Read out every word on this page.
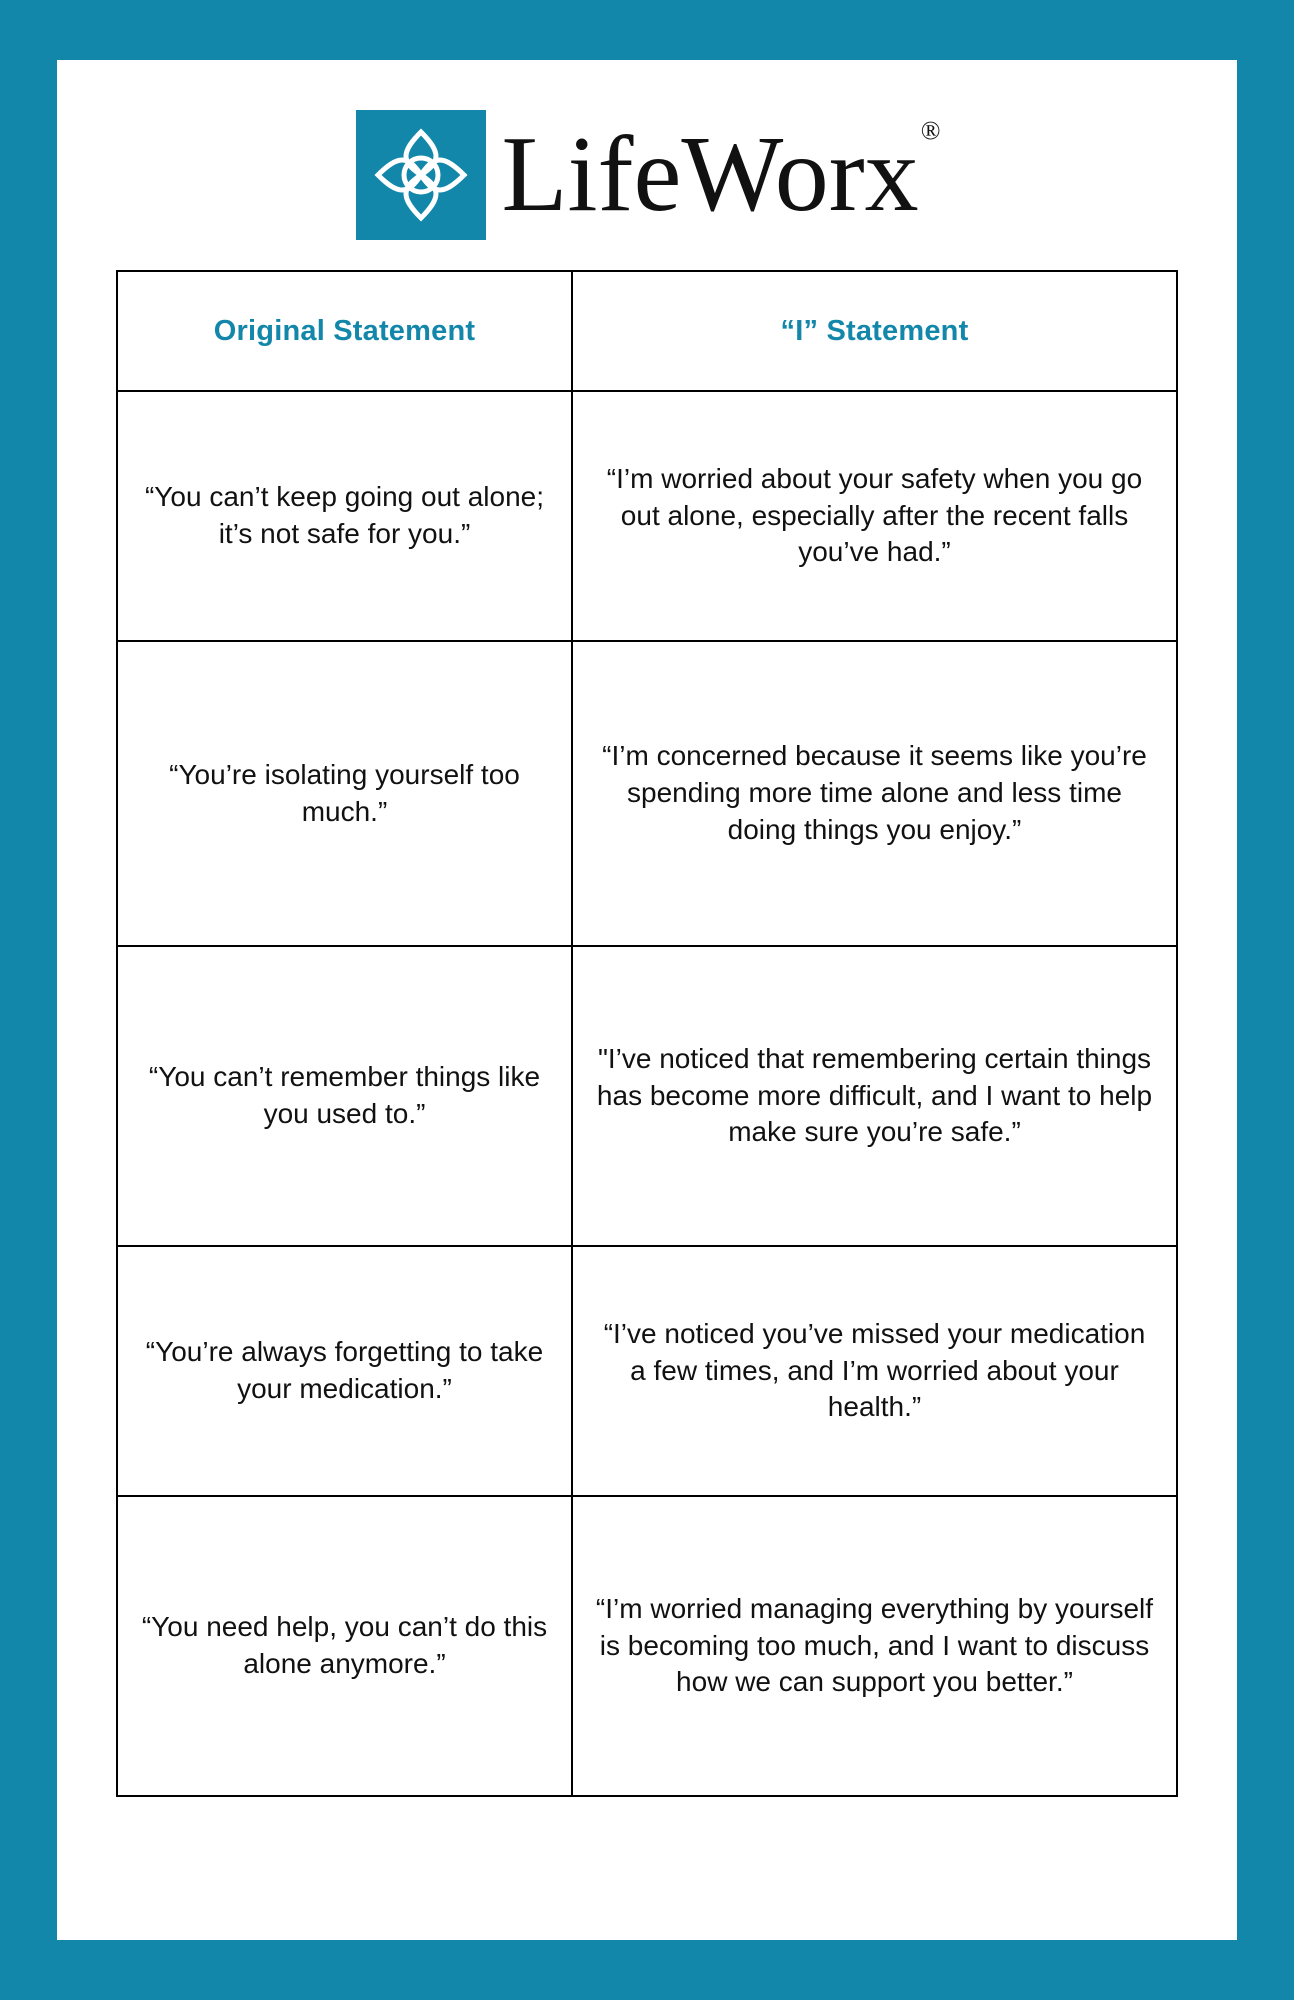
LifeWorx®
Original Statement	“I” Statement
“You can’t keep going out alone; it’s not safe for you.”	“I’m worried about your safety when you go out alone, especially after the recent falls you’ve had.”
“You’re isolating yourself too much.”	“I’m concerned because it seems like you’re spending more time alone and less time doing things you enjoy.”
“You can’t remember things like you used to.”	"I’ve noticed that remembering certain things has become more difficult, and I want to help make sure you’re safe.”
“You’re always forgetting to take your medication.”	“I’ve noticed you’ve missed your medication a few times, and I’m worried about your health.”
“You need help, you can’t do this alone anymore.”	“I’m worried managing everything by yourself is becoming too much, and I want to discuss how we can support you better.”
